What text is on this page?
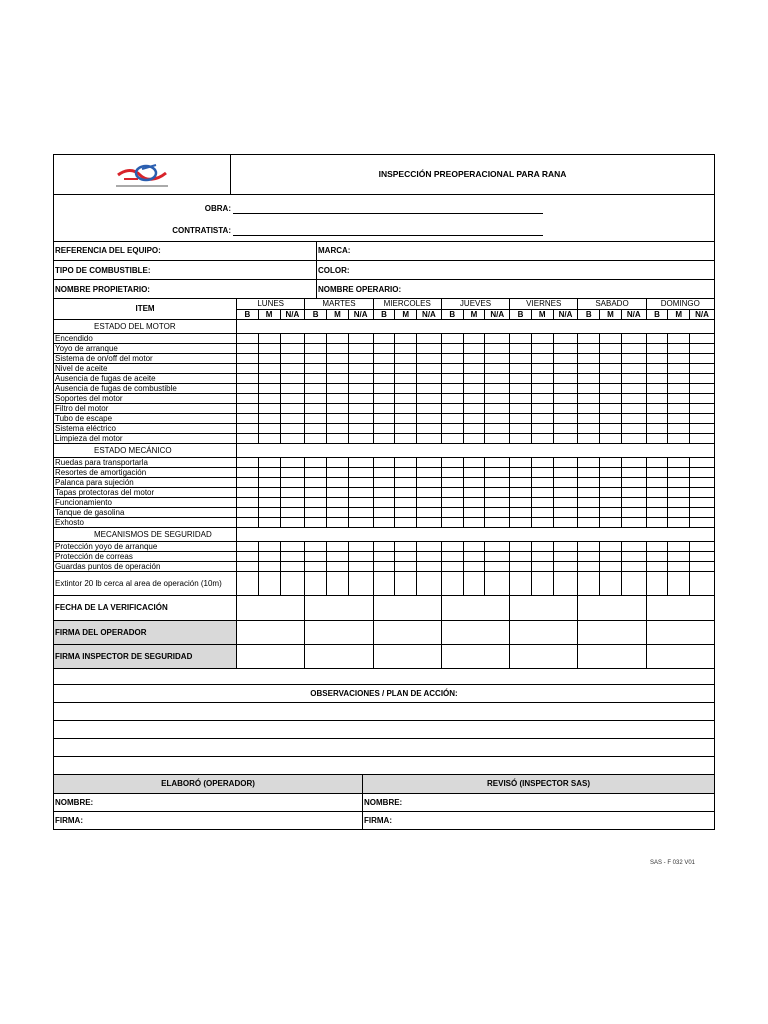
	INSPECCIÓN PREOPERACIONAL PARA RANA
OBRA:
CONTRATISTA:
REFERENCIA DEL EQUIPO:	MARCA:
TIPO DE COMBUSTIBLE:	COLOR:
NOMBRE PROPIETARIO:	NOMBRE OPERARIO:
ITEM	LUNES			MARTES			MIERCOLES			JUEVES			VIERNES			SABADO			DOMINGO		
	B	M	N/A	B	M	N/A	B	M	N/A	B	M	N/A	B	M	N/A	B	M	N/A	B	M	N/A
ESTADO DEL MOTOR																					
Encendido																					
Yoyo de arranque																					
Sistema de on/off del motor																					
Nivel de aceite																					
Ausencia de fugas de aceite																					
Ausencia de fugas de combustible																					
Soportes del motor																					
Filtro del motor																					
Tubo de escape																					
Sistema eléctrico																					
Limpieza del motor																					
ESTADO MECÁNICO																					
Ruedas para transportarla																					
Resortes de amortigación																					
Palanca para sujeción																					
Tapas protectoras del motor																					
Funcionamiento																					
Tanque de gasolina																					
Exhosto																					
MECANISMOS DE SEGURIDAD																					
Protección yoyo de arranque																					
Protección de correas																					
Guardas puntos de operación																					
Extintor 20 lb cerca al area de operación (10m)																					
FECHA DE LA VERIFICACIÓN																					
FIRMA DEL OPERADOR																					
FIRMA INSPECTOR DE SEGURIDAD																					

OBSERVACIONES / PLAN DE ACCIÓN:

ELABORÓ (OPERADOR)	REVISÓ (INSPECTOR SAS)
NOMBRE:	NOMBRE:
FIRMA:	FIRMA:
SAS - F 032 V01
